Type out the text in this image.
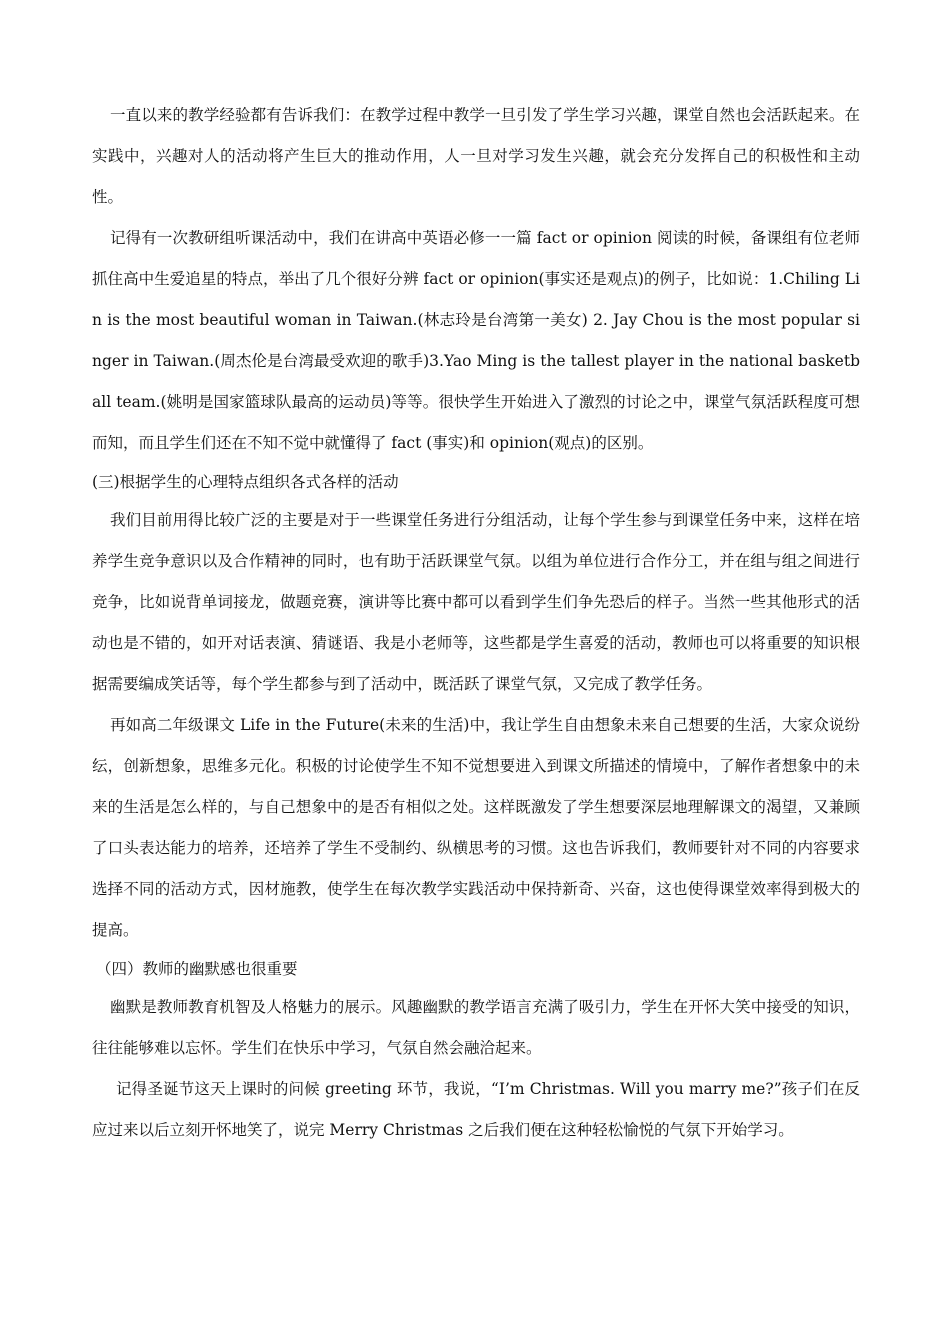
一直以来的教学经验都有告诉我们：在教学过程中教学一旦引发了学生学习兴趣，课堂自然也会活跃起来。在实践中，兴趣对人的活动将产生巨大的推动作用，人一旦对学习发生兴趣，就会充分发挥自己的积极性和主动性。

记得有一次教研组听课活动中，我们在讲高中英语必修一一篇 fact or opinion 阅读的时候，备课组有位老师抓住高中生爱追星的特点，举出了几个很好分辨 fact or opinion(事实还是观点)的例子，比如说：1.Chiling Lin is the most beautiful woman in Taiwan.(林志玲是台湾第一美女) 2. Jay Chou is the most popular singer in Taiwan.(周杰伦是台湾最受欢迎的歌手)3.Yao Ming is the tallest player in the national basketball team.(姚明是国家篮球队最高的运动员)等等。很快学生开始进入了激烈的讨论之中，课堂气氛活跃程度可想而知，而且学生们还在不知不觉中就懂得了 fact (事实)和 opinion(观点)的区别。

(三)根据学生的心理特点组织各式各样的活动

我们目前用得比较广泛的主要是对于一些课堂任务进行分组活动，让每个学生参与到课堂任务中来，这样在培养学生竞争意识以及合作精神的同时，也有助于活跃课堂气氛。以组为单位进行合作分工，并在组与组之间进行竞争，比如说背单词接龙，做题竞赛，演讲等比赛中都可以看到学生们争先恐后的样子。当然一些其他形式的活动也是不错的，如开对话表演、猜谜语、我是小老师等，这些都是学生喜爱的活动，教师也可以将重要的知识根据需要编成笑话等，每个学生都参与到了活动中，既活跃了课堂气氛，又完成了教学任务。

再如高二年级课文 Life in the Future(未来的生活)中，我让学生自由想象未来自己想要的生活，大家众说纷纭，创新想象，思维多元化。积极的讨论使学生不知不觉想要进入到课文所描述的情境中，了解作者想象中的未来的生活是怎么样的，与自己想象中的是否有相似之处。这样既激发了学生想要深层地理解课文的渴望，又兼顾了口头表达能力的培养，还培养了学生不受制约、纵横思考的习惯。这也告诉我们，教师要针对不同的内容要求选择不同的活动方式，因材施教，使学生在每次教学实践活动中保持新奇、兴奋，这也使得课堂效率得到极大的提高。

（四）教师的幽默感也很重要

幽默是教师教育机智及人格魅力的展示。风趣幽默的教学语言充满了吸引力，学生在开怀大笑中接受的知识，往往能够难以忘怀。学生们在快乐中学习，气氛自然会融洽起来。

记得圣诞节这天上课时的问候 greeting 环节，我说，“I’m Christmas. Will you marry me?”孩子们在反应过来以后立刻开怀地笑了，说完 Merry Christmas 之后我们便在这种轻松愉悦的气氛下开始学习。
